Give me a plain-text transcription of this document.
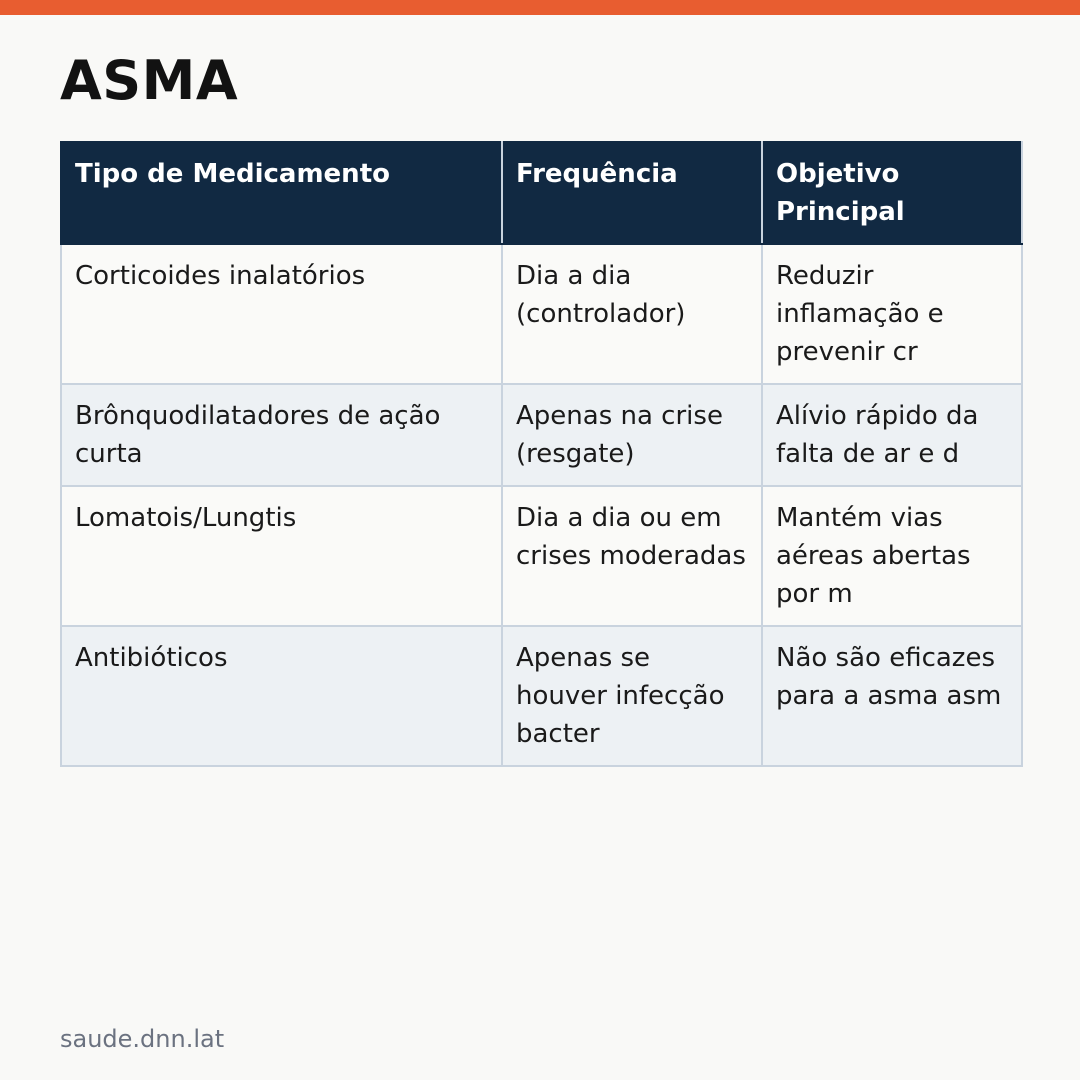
ASMA
Tipo de Medicamento	Frequência	Objetivo Principal
Corticoides inalatórios	Dia a dia (controlador)	Reduzir inflamação e prevenir cr
Brônquodilatadores de ação curta	Apenas na crise (resgate)	Alívio rápido da falta de ar e d
Lomatois/Lungtis	Dia a dia ou em crises moderadas	Mantém vias aéreas abertas por m
Antibióticos	Apenas se houver infecção bacter	Não são eficazes para a asma asm
saude.dnn.lat
